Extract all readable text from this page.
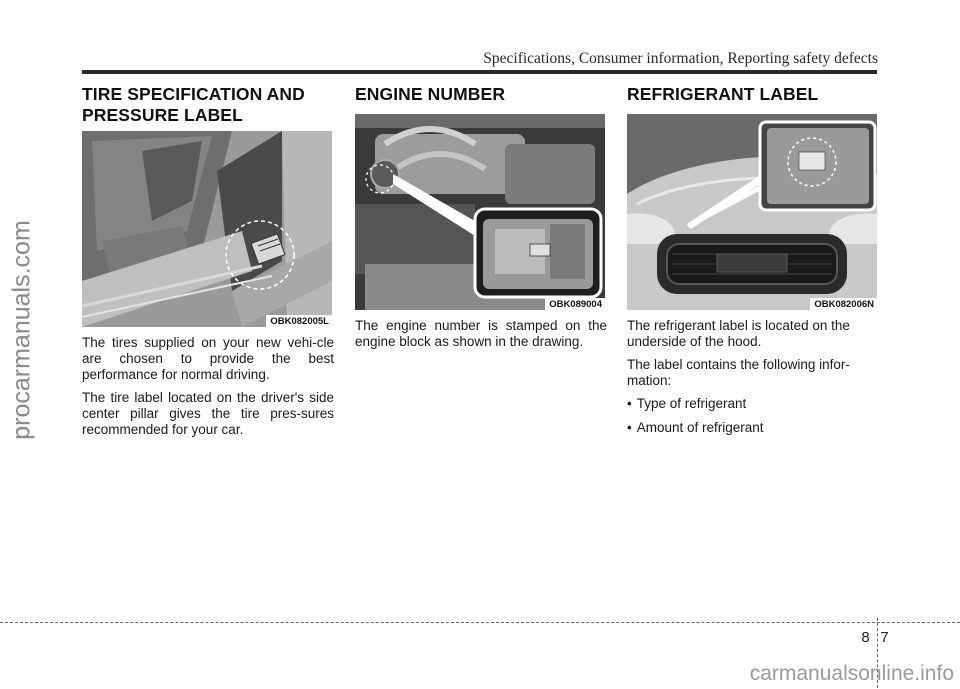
Specifications, Consumer information, Reporting safety defects
procarmanuals.com
TIRE SPECIFICATION AND
PRESSURE LABEL
OBK082005L

The tires supplied on your new vehi-cle are chosen to provide the best performance for normal driving.

The tire label located on the driver's side center pillar gives the tire pres-sures recommended for your car.

ENGINE NUMBER
OBK089004

The engine number is stamped on the engine block as shown in the drawing.

REFRIGERANT LABEL
OBK082006N

The refrigerant label is located on the underside of the hood.

The label contains the following infor-mation:

• Type of refrigerant
• Amount of refrigerant
8 7
carmanualsonline.info
